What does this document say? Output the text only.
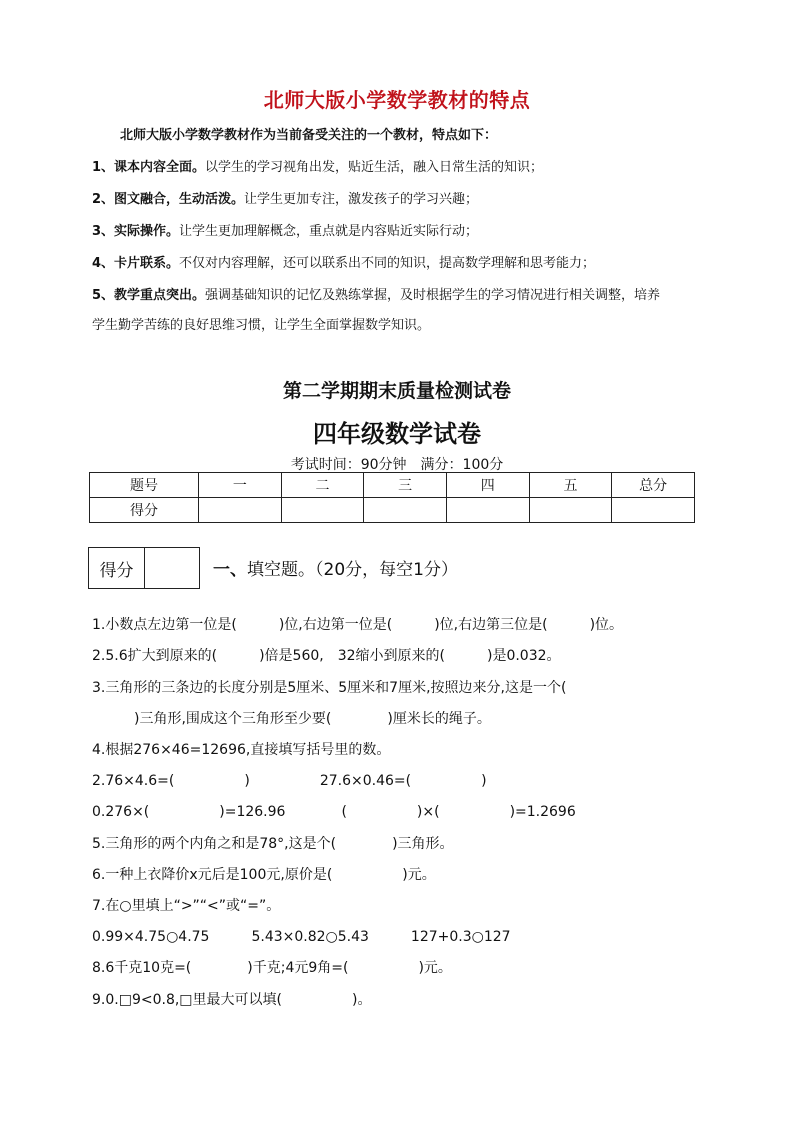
北师大版小学数学教材的特点
北师大版小学数学教材作为当前备受关注的一个教材，特点如下：
1、课本内容全面。以学生的学习视角出发，贴近生活，融入日常生活的知识；
2、图文融合，生动活泼。让学生更加专注，激发孩子的学习兴趣；
3、实际操作。让学生更加理解概念，重点就是内容贴近实际行动；
4、卡片联系。不仅对内容理解，还可以联系出不同的知识，提高数学理解和思考能力；
5、教学重点突出。强调基础知识的记忆及熟练掌握，及时根据学生的学习情况进行相关调整，培养
学生勤学苦练的良好思维习惯，让学生全面掌握数学知识。
第二学期期末质量检测试卷
四年级数学试卷
考试时间：90分钟　满分：100分
题号	一	二	三	四	五	总分
得分						
得分	一、填空题。（20分，每空1分）
1.小数点左边第一位是(　　　)位,右边第一位是(　　　)位,右边第三位是(　　　)位。
2.5.6扩大到原来的(　　　)倍是560,　32缩小到原来的(　　　)是0.032。
3.三角形的三条边的长度分别是5厘米、5厘米和7厘米,按照边来分,这是一个(
　　　)三角形,围成这个三角形至少要(　　　　)厘米长的绳子。
4.根据276×46=12696,直接填写括号里的数。
2.76×4.6=(　　　　　)　　　　　27.6×0.46=(　　　　　)
0.276×(　　　　　)=126.96　　　　(　　　　　)×(　　　　　)=1.2696
5.三角形的两个内角之和是78°,这是个(　　　　)三角形。
6.一种上衣降价x元后是100元,原价是(　　　　　)元。
7.在○里填上“>”“<”或“=”。
0.99×4.75○4.75　　　5.43×0.82○5.43　　　127+0.3○127
8.6千克10克=(　　　　)千克;4元9角=(　　　　　)元。
9.0.□9<0.8,□里最大可以填(　　　　　)。
